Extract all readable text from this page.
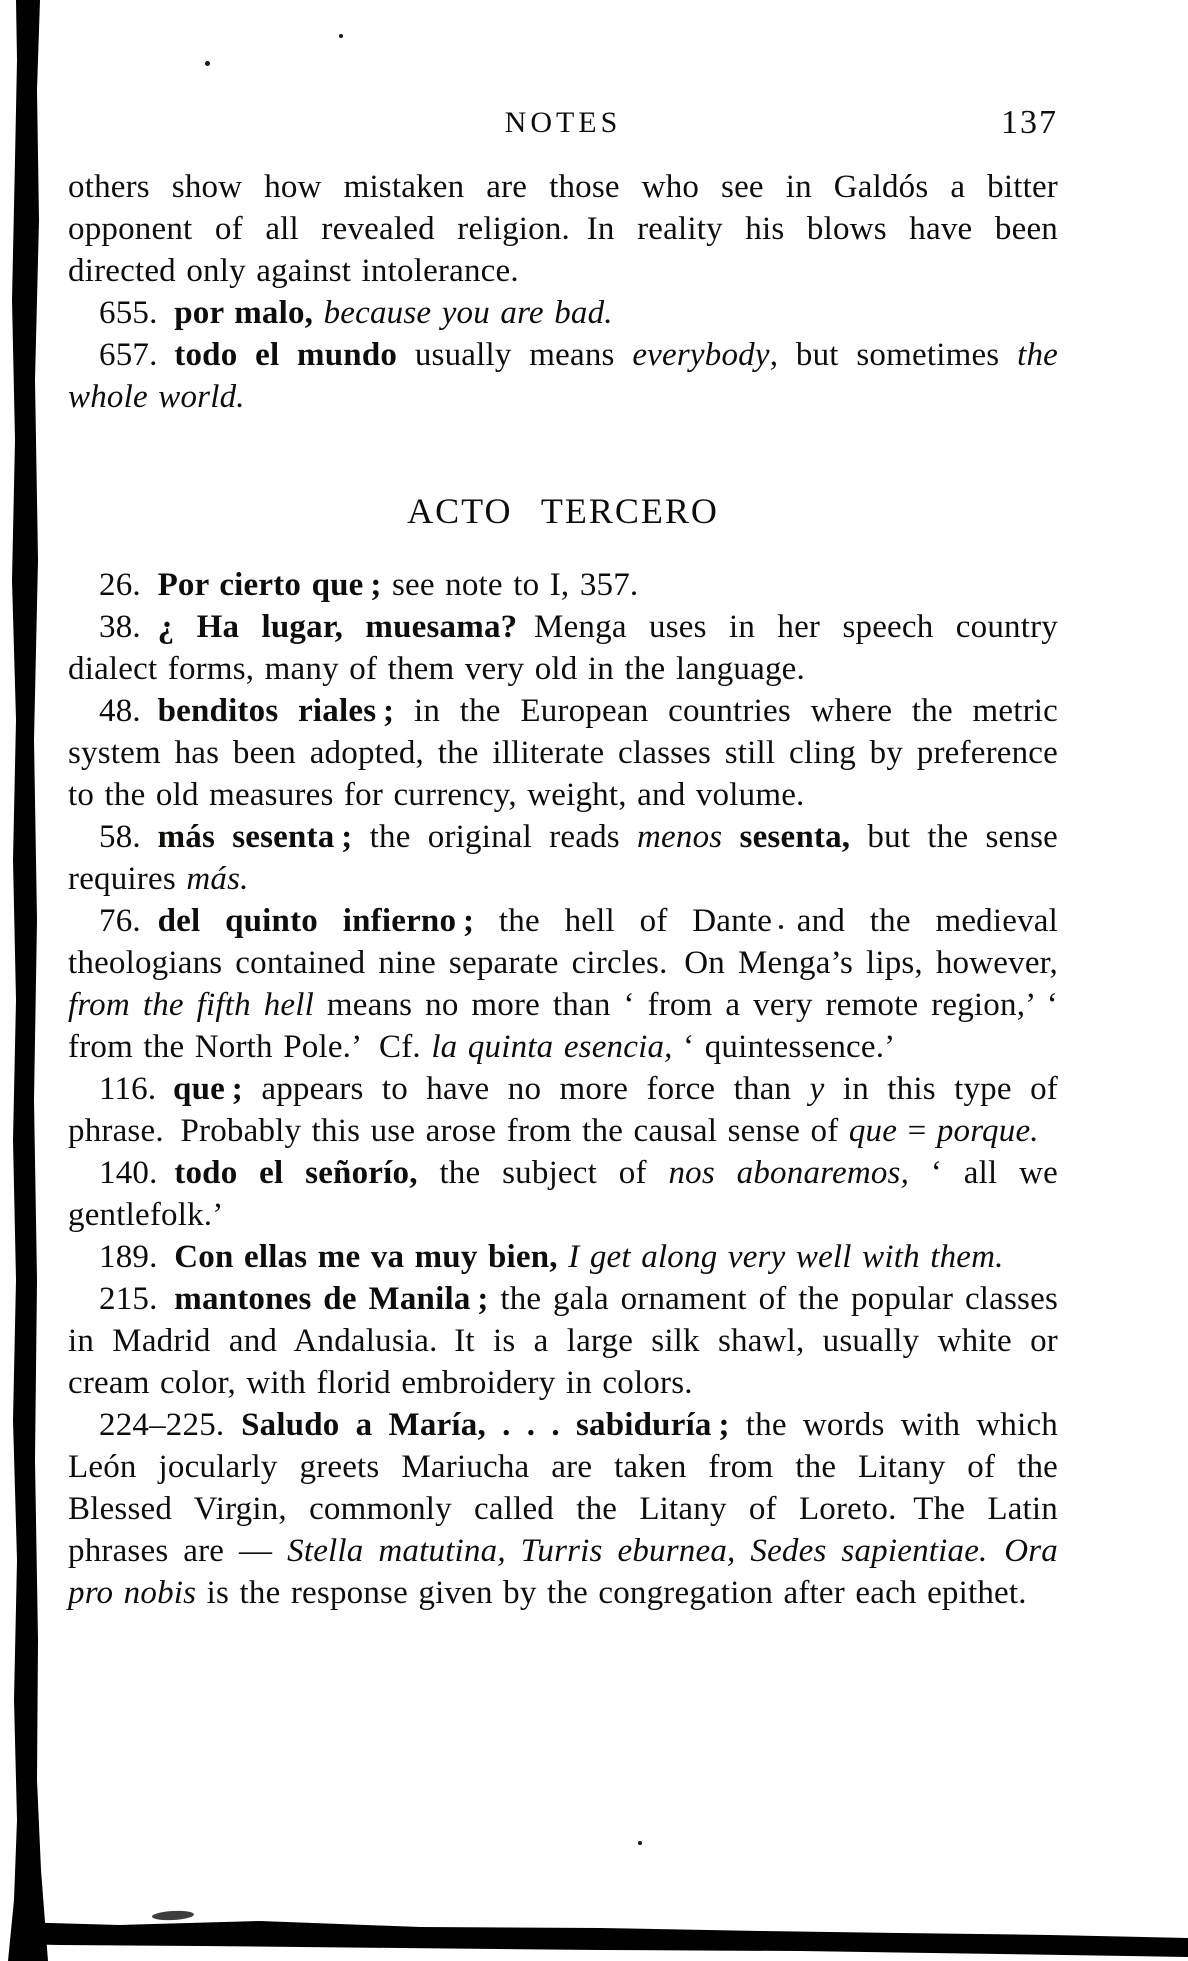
NOTES	137

others show how mistaken are those who see in Galdós a bitter opponent of all revealed religion. In reality his blows have been directed only against intolerance.

655. por malo, because you are bad.

657. todo el mundo usually means everybody, but sometimes the whole world.

ACTO TERCERO

26. Por cierto que ; see note to I, 357.

38. ¿ Ha lugar, muesama? Menga uses in her speech country dialect forms, many of them very old in the language.

48. benditos riales ; in the European countries where the metric system has been adopted, the illiterate classes still cling by preference to the old measures for currency, weight, and volume.

58. más sesenta ; the original reads menos sesenta, but the sense requires más.

76. del quinto infierno ; the hell of Dante and the medieval theologians contained nine separate circles. On Menga’s lips, however, from the fifth hell means no more than ‘ from a very remote region,’ ‘ from the North Pole.’ Cf. la quinta esencia, ‘ quintessence.’

116. que ; appears to have no more force than y in this type of phrase. Probably this use arose from the causal sense of que = porque.

140. todo el señorío, the subject of nos abonaremos, ‘ all we gentlefolk.’

189. Con ellas me va muy bien, I get along very well with them.

215. mantones de Manila ; the gala ornament of the popular classes in Madrid and Andalusia. It is a large silk shawl, usually white or cream color, with florid embroidery in colors.

224–225. Saludo a María, . . . sabiduría ; the words with which León jocularly greets Mariucha are taken from the Litany of the Blessed Virgin, commonly called the Litany of Loreto. The Latin phrases are — Stella matutina, Turris eburnea, Sedes sapientiae. Ora pro nobis is the response given by the congregation after each epithet.
